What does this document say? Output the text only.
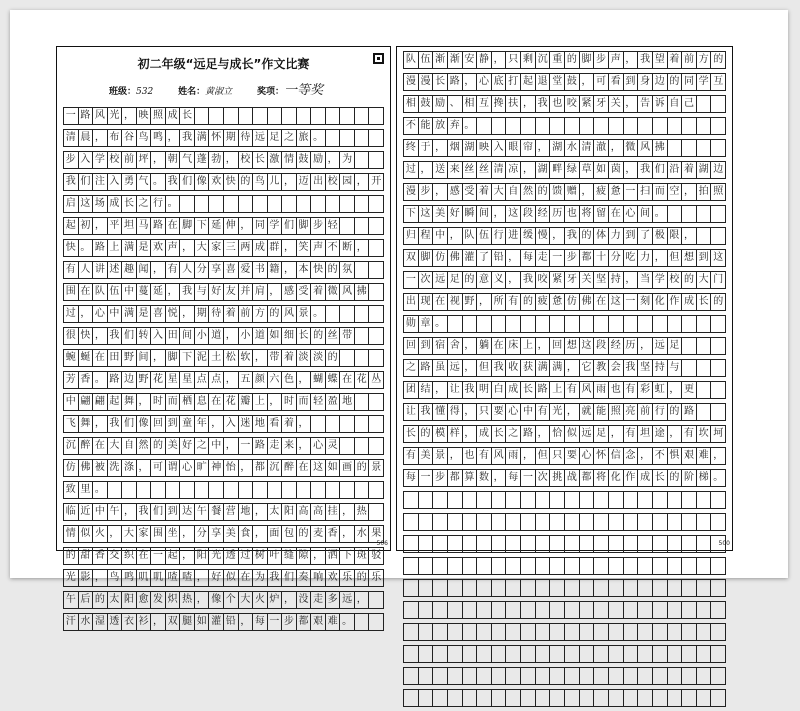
初二年级“远足与成长”作文比赛
班级：532	姓名：黄淑立	奖项：一等奖
一 路 风 光 ， 映 照 成 长
清 晨 ， 布 谷 鸟 鸣 ， 我 满 怀 期 待 远 足 之 旅 。
步 入 学 校 前 坪 ， 朝 气 蓬 勃 ， 校 长 激 情 鼓 励 ， 为
我 们 注 入 勇 气 。 我 们 像 欢 快 的 鸟 儿 ， 迈 出 校 园 ， 开
启 这 场 成 长 之 行 。
起 初 ， 平 坦 马 路 在 脚 下 延 伸 ， 同 学 们 脚 步 轻
快 。 路 上 满 是 欢 声 ， 大 家 三 两 成 群 ， 笑 声 不 断 ，
有 人 讲 述 趣 闻 ， 有 人 分 享 喜 爱 书 籍 ， 本 快 的 氛
围 在 队 伍 中 蔓 延 ， 我 与 好 友 并 肩 ， 感 受 着 微 风 拂
过 ， 心 中 满 是 喜 悦 ， 期 待 着 前 方 的 风 景 。
很 快 ， 我 们 转 入 田 间 小 道 ， 小 道 如 细 长 的 丝 带
蜿 蜒 在 田 野 间 ， 脚 下 泥 土 松 软 ， 带 着 淡 淡 的
芳 香 。 路 边 野 花 星 星 点 点 ， 五 颜 六 色 ， 蝴 蝶 在 花 丛
中 翩 翩 起 舞 ， 时 而 栖 息 在 花 瓣 上 ， 时 而 轻 盈 地
飞 舞 ， 我 们 像 回 到 童 年 ， 入 迷 地 看 着 ，
沉 醉 在 大 自 然 的 美 好 之 中 ， 一 路 走 来 ， 心 灵
仿 佛 被 洗 涤 ， 可 谓 心 旷 神 怡 ， 都 沉 醉 在 这 如 画 的 景
致 里 。
临 近 中 午 ， 我 们 到 达 午 餐 营 地 ， 太 阳 高 高 挂 ， 热
情 似 火 ， 大 家 围 坐 ， 分 享 美 食 ， 面 包 的 麦 香 ， 水 果
的 甜 香 交 织 在 一 起 ， 阳 光 透 过 树 叶 缝 隙 ， 洒 下 斑 驳
光 影 ， 鸟 鸣 叽 叽 喳 喳 ， 好 似 在 为 我 们 奏 响 欢 乐 的 乐
午 后 的 太 阳 愈 发 炽 热 ， 像 个 大 火 炉 ， 没 走 多 远 ，
汗 水 湿 透 衣 衫 ， 双 腿 如 灌 铅 ， 每 一 步 都 艰 难 。
506
队 伍 渐 渐 安 静 ， 只 剩 沉 重 的 脚 步 声 ， 我 望 着 前 方 的
漫 漫 长 路 ， 心 底 打 起 退 堂 鼓 ， 可 看 到 身 边 的 同 学 互
相 鼓 励 、 相 互 搀 扶 ， 我 也 咬 紧 牙 关 ， 告 诉 自 己
不 能 放 弃 。
终 于 ， 烟 湖 映 入 眼 帘 ， 湖 水 清 澈 ， 微 风 拂
过 ， 送 来 丝 丝 清 凉 ， 湖 畔 绿 草 如 茵 ， 我 们 沿 着 湖 边
漫 步 ， 感 受 着 大 自 然 的 馈 赠 ， 疲 惫 一 扫 而 空 ， 拍 照
下 这 美 好 瞬 间 ， 这 段 经 历 也 将 留 在 心 间 。
归 程 中 ， 队 伍 行 进 缓 慢 ， 我 的 体 力 到 了 极 限 ，
双 脚 仿 佛 灌 了 铅 ， 每 走 一 步 都 十 分 吃 力 ， 但 想 到 这
一 次 远 足 的 意 义 ， 我 咬 紧 牙 关 坚 持 ， 当 学 校 的 大 门
出 现 在 视 野 ， 所 有 的 疲 惫 仿 佛 在 这 一 刻 化 作 成 长 的
勋 章 。
回 到 宿 舍 ， 躺 在 床 上 ， 回 想 这 段 经 历 ， 远 足
之 路 虽 远 ， 但 我 收 获 满 满 ， 它 教 会 我 坚 持 与
团 结 ， 让 我 明 白 成 长 路 上 有 风 雨 也 有 彩 虹 ， 更
让 我 懂 得 ， 只 要 心 中 有 光 ， 就 能 照 亮 前 行 的 路
长 的 模 样 ， 成 长 之 路 ， 恰 似 远 足 ， 有 坦 途 ， 有 坎 坷
有 美 景 ， 也 有 风 雨 ， 但 只 要 心 怀 信 念 ， 不 惧 艰 难 ，
每 一 步 都 算 数 ， 每 一 次 挑 战 都 将 化 作 成 长 的 阶 梯 。
500
